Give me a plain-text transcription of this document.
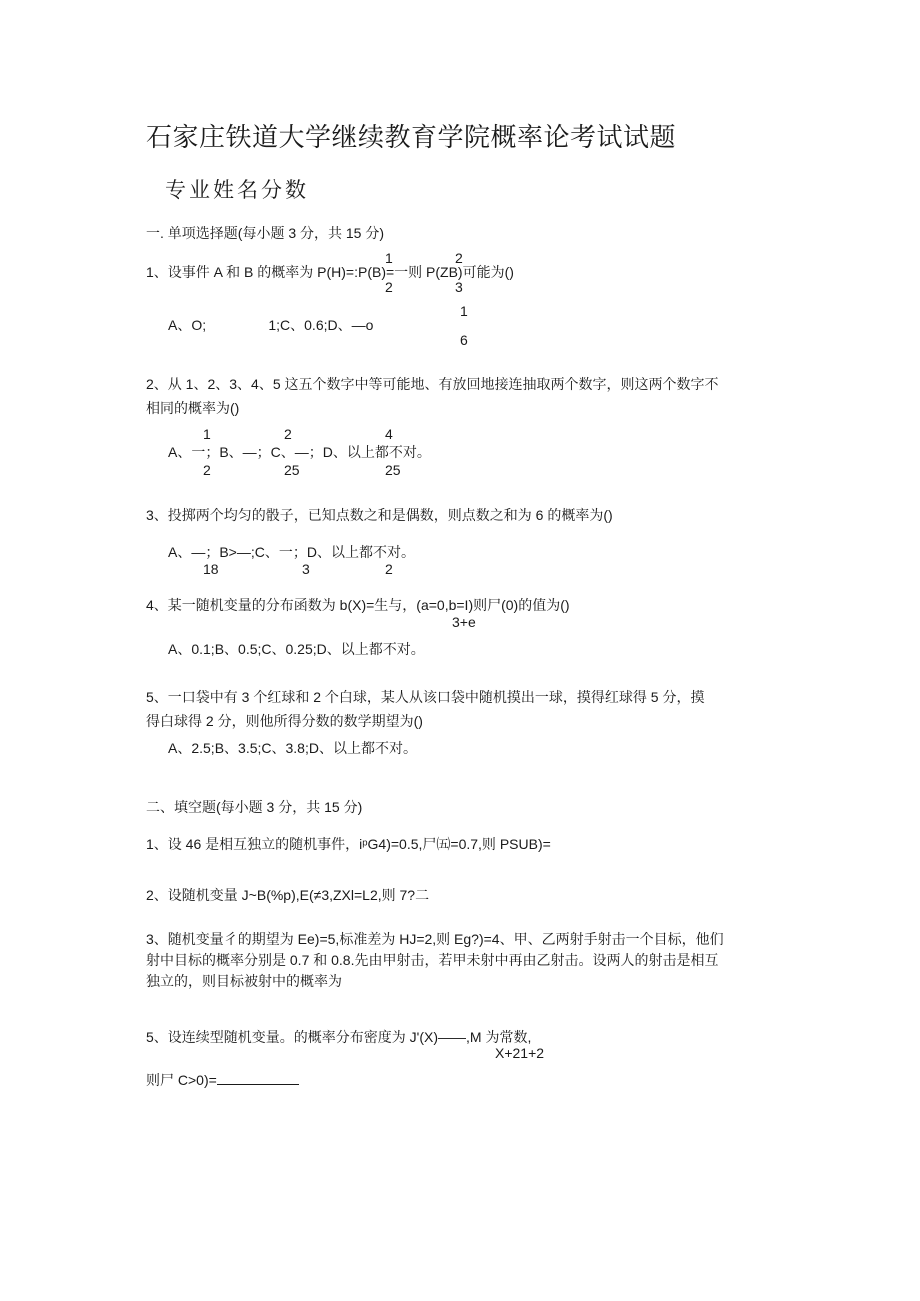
石家庄铁道大学继续教育学院概率论考试试题
专业姓名分数
一. 单项选择题(每小题 3 分，共 15 分)
1	2
1、设事件 A 和 B 的概率为 P(H)=:P(B)=一则 P(ZB)可能为()
2	3
1
A、O;                1;C、0.6;D、—o
6
2、从 1、2、3、4、5 这五个数字中等可能地、有放回地接连抽取两个数字，则这两个数字不
相同的概率为()
1	2	4
A、一；B、—；C、—；D、以上都不对。
2	25	25
3、投掷两个均匀的骰子，已知点数之和是偶数，则点数之和为 6 的概率为()
A、—；B>—;C、一；D、以上都不对。
18	3	2
4、某一随机变量的分布函数为 b(X)=生与，(a=0,b=I)则尸(0)的值为()
3+e
A、0.1;B、0.5;C、0.25;D、以上都不对。
5、一口袋中有 3 个红球和 2 个白球，某人从该口袋中随机摸出一球，摸得红球得 5 分，摸
得白球得 2 分，则他所得分数的数学期望为()
A、2.5;B、3.5;C、3.8;D、以上都不对。
二、填空题(每小题 3 分，共 15 分)
1、设 46 是相互独立的随机事件，iᵖG4)=0.5,尸㈤=0.7,则 PSUB)=
2、设随机变量 J~B(%p),E(≠3,ZXl=L2,则 7?二
3、随机变量彳的期望为 Ee)=5,标准差为 HJ=2,则 Eg?)=4、甲、乙两射手射击一个目标，他们
射中目标的概率分别是 0.7 和 0.8.先由甲射击，若甲未射中再由乙射击。设两人的射击是相互
独立的，则目标被射中的概率为
5、设连续型随机变量。的概率分布密度为 J'(X)——,M 为常数,
X+21+2
则尸 C>0)=
